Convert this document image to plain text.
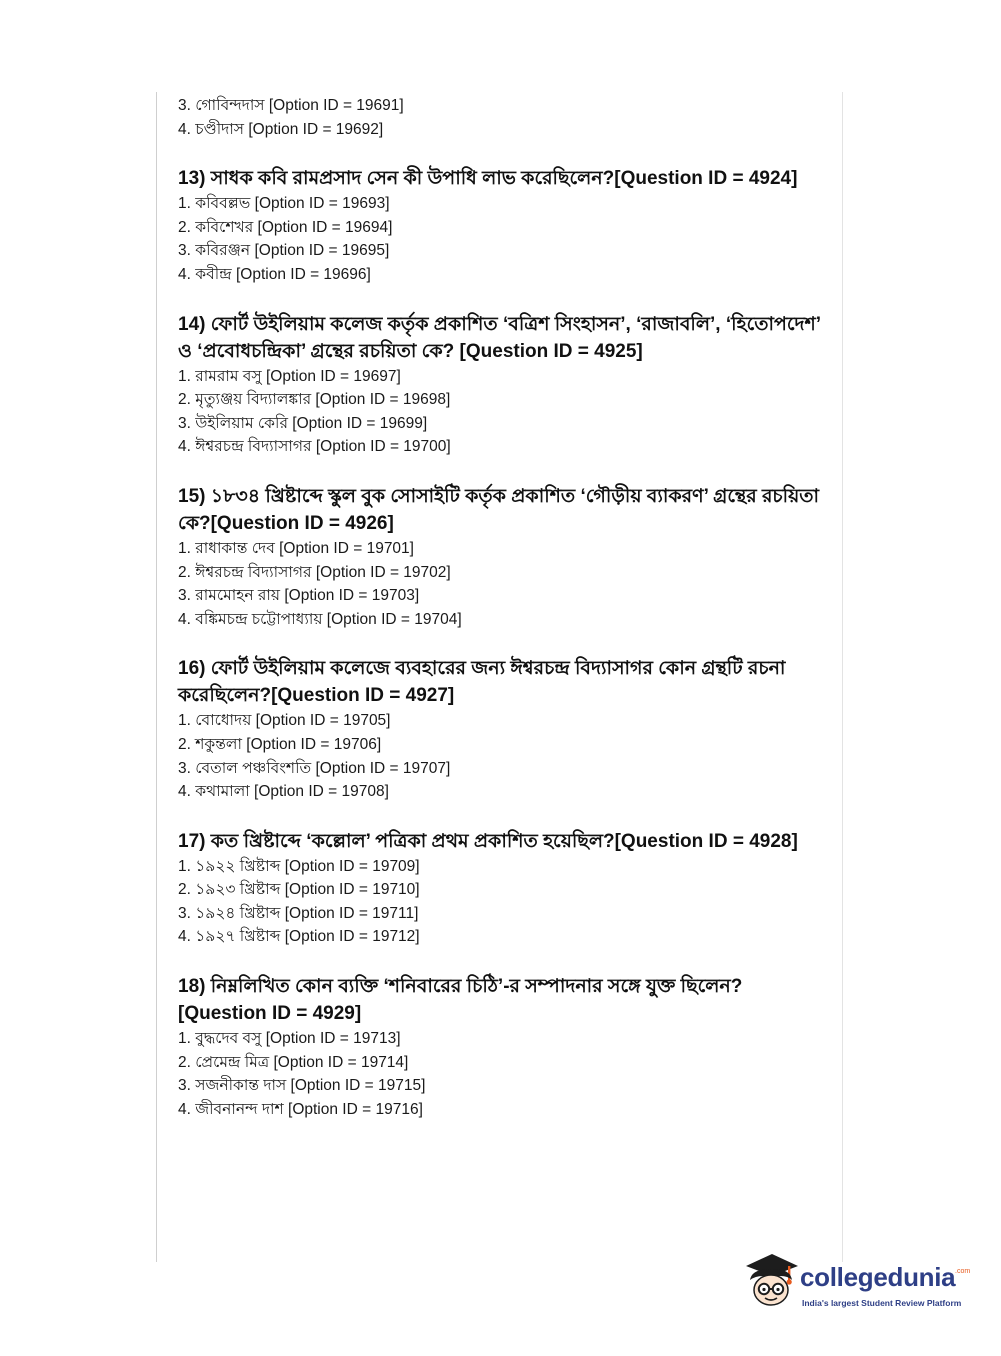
3. গোবিন্দদাস [Option ID = 19691]
4. চণ্ডীদাস [Option ID = 19692]
13) সাধক কবি রামপ্রসাদ সেন কী উপাধি লাভ করেছিলেন?[Question ID = 4924]
1. কবিবল্লভ [Option ID = 19693]
2. কবিশেখর [Option ID = 19694]
3. কবিরঞ্জন [Option ID = 19695]
4. কবীন্দ্র [Option ID = 19696]
14) ফোর্ট উইলিয়াম কলেজ কর্তৃক প্রকাশিত ‘বত্রিশ সিংহাসন’, ‘রাজাবলি’, ‘হিতোপদেশ’ ও ‘প্রবোধচন্দ্রিকা’ গ্রন্থের রচয়িতা কে? [Question ID = 4925]
1. রামরাম বসু [Option ID = 19697]
2. মৃত্যুঞ্জয় বিদ্যালঙ্কার [Option ID = 19698]
3. উইলিয়াম কেরি [Option ID = 19699]
4. ঈশ্বরচন্দ্র বিদ্যাসাগর [Option ID = 19700]
15) ১৮৩৪ খ্রিষ্টাব্দে স্কুল বুক সোসাইটি কর্তৃক প্রকাশিত ‘গৌড়ীয় ব্যাকরণ’ গ্রন্থের রচয়িতা কে?[Question ID = 4926]
1. রাধাকান্ত দেব [Option ID = 19701]
2. ঈশ্বরচন্দ্র বিদ্যাসাগর [Option ID = 19702]
3. রামমোহন রায় [Option ID = 19703]
4. বঙ্কিমচন্দ্র চট্টোপাধ্যায় [Option ID = 19704]
16) ফোর্ট উইলিয়াম কলেজে ব্যবহারের জন্য ঈশ্বরচন্দ্র বিদ্যাসাগর কোন গ্রন্থটি রচনা করেছিলেন?[Question ID = 4927]
1. বোধোদয় [Option ID = 19705]
2. শকুন্তলা [Option ID = 19706]
3. বেতাল পঞ্চবিংশতি [Option ID = 19707]
4. কথামালা [Option ID = 19708]
17) কত খ্রিষ্টাব্দে ‘কল্লোল’ পত্রিকা প্রথম প্রকাশিত হয়েছিল?[Question ID = 4928]
1. ১৯২২ খ্রিষ্টাব্দ [Option ID = 19709]
2. ১৯২৩ খ্রিষ্টাব্দ [Option ID = 19710]
3. ১৯২৪ খ্রিষ্টাব্দ [Option ID = 19711]
4. ১৯২৭ খ্রিষ্টাব্দ [Option ID = 19712]
18) নিম্নলিখিত কোন ব্যক্তি ‘শনিবারের চিঠি’-র সম্পাদনার সঙ্গে যুক্ত ছিলেন?[Question ID = 4929]
1. বুদ্ধদেব বসু [Option ID = 19713]
2. প্রেমেন্দ্র মিত্র [Option ID = 19714]
3. সজনীকান্ত দাস [Option ID = 19715]
4. জীবনানন্দ দাশ [Option ID = 19716]
collegedunia .com
India's largest Student Review Platform
